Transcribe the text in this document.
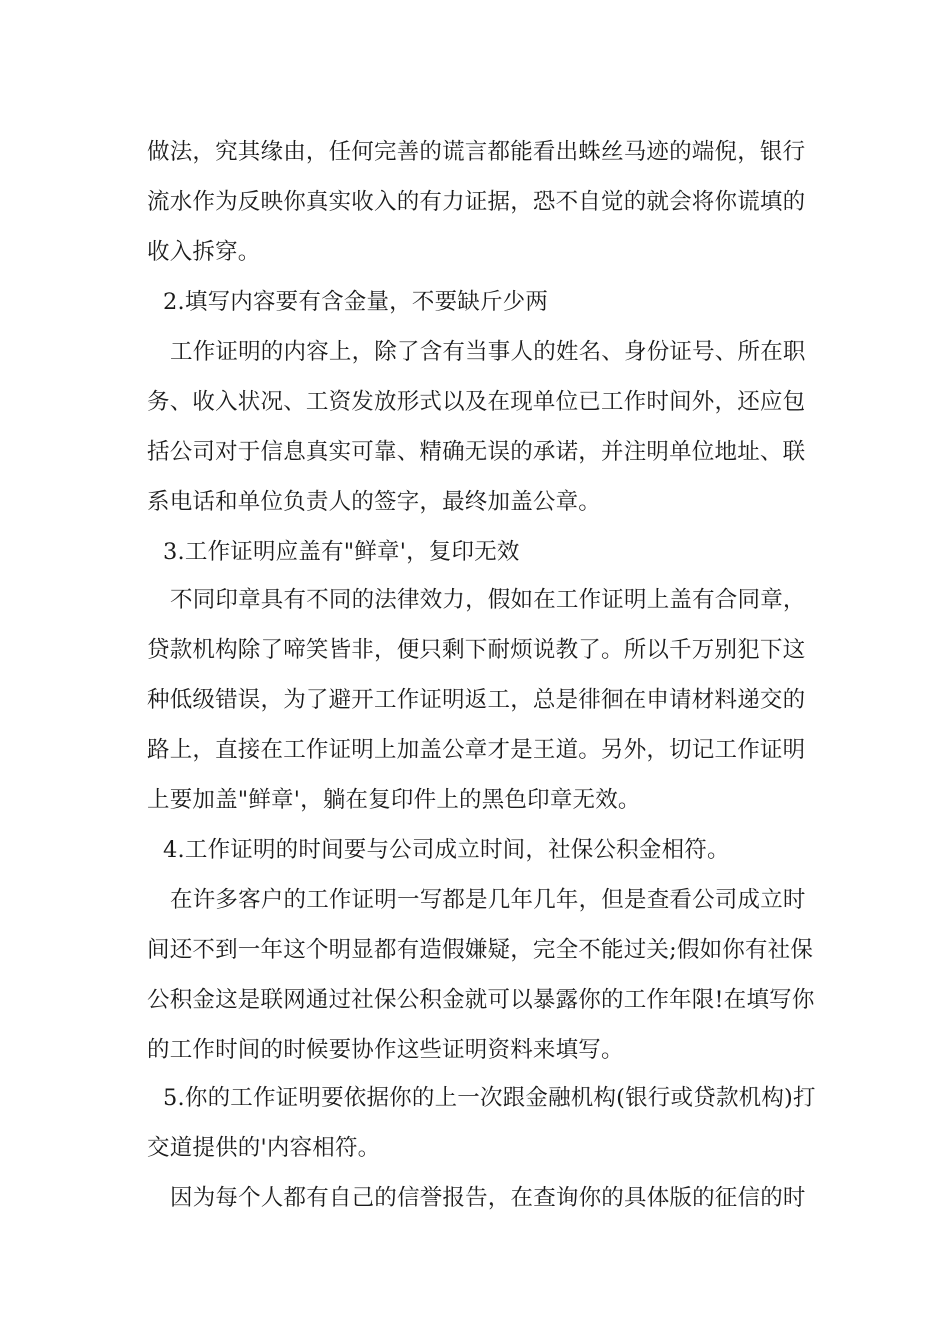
做法，究其缘由，任何完善的谎言都能看出蛛丝马迹的端倪，银行

流水作为反映你真实收入的有力证据，恐不自觉的就会将你谎填的

收入拆穿。

2.填写内容要有含金量，不要缺斤少两

工作证明的内容上，除了含有当事人的姓名、身份证号、所在职

务、收入状况、工资发放形式以及在现单位已工作时间外，还应包

括公司对于信息真实可靠、精确无误的承诺，并注明单位地址、联

系电话和单位负责人的签字，最终加盖公章。

3.工作证明应盖有"鲜章'，复印无效

不同印章具有不同的法律效力，假如在工作证明上盖有合同章，

贷款机构除了啼笑皆非，便只剩下耐烦说教了。所以千万别犯下这

种低级错误，为了避开工作证明返工，总是徘徊在申请材料递交的

路上，直接在工作证明上加盖公章才是王道。另外，切记工作证明

上要加盖"鲜章'，躺在复印件上的黑色印章无效。

4.工作证明的时间要与公司成立时间，社保公积金相符。

在许多客户的工作证明一写都是几年几年，但是查看公司成立时

间还不到一年这个明显都有造假嫌疑，完全不能过关;假如你有社保

公积金这是联网通过社保公积金就可以暴露你的工作年限!在填写你

的工作时间的时候要协作这些证明资料来填写。

5.你的工作证明要依据你的上一次跟金融机构(银行或贷款机构)打

交道提供的'内容相符。

因为每个人都有自己的信誉报告，在查询你的具体版的征信的时
